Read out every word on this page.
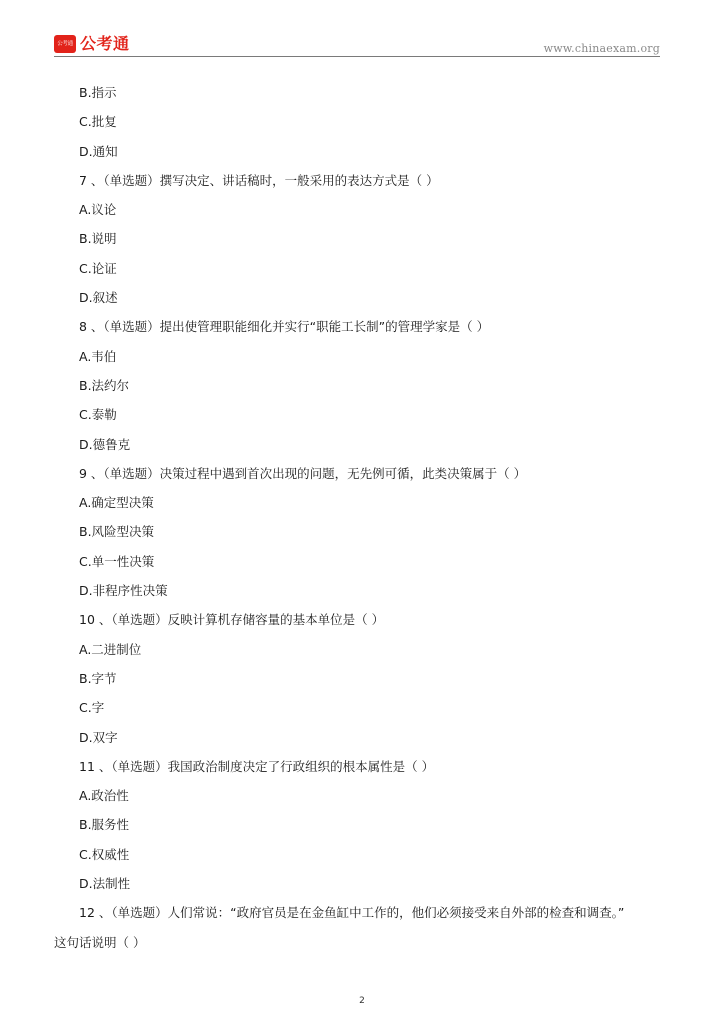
公考通 公考通	www.chinaexam.org
B.指示
C.批复
D.通知
7 、（单选题）撰写决定、讲话稿时，一般采用的表达方式是（ ）
A.议论
B.说明
C.论证
D.叙述
8 、（单选题）提出使管理职能细化并实行“职能工长制”的管理学家是（ ）
A.韦伯
B.法约尔
C.泰勒
D.德鲁克
9 、（单选题）决策过程中遇到首次出现的问题，无先例可循，此类决策属于（ ）
A.确定型决策
B.风险型决策
C.单一性决策
D.非程序性决策
10 、（单选题）反映计算机存储容量的基本单位是（ ）
A.二进制位
B.字节
C.字
D.双字
11 、（单选题）我国政治制度决定了行政组织的根本属性是（ ）
A.政治性
B.服务性
C.权威性
D.法制性
12 、（单选题）人们常说：“政府官员是在金鱼缸中工作的，他们必须接受来自外部的检查和调查。”
这句话说明（ ）
2
